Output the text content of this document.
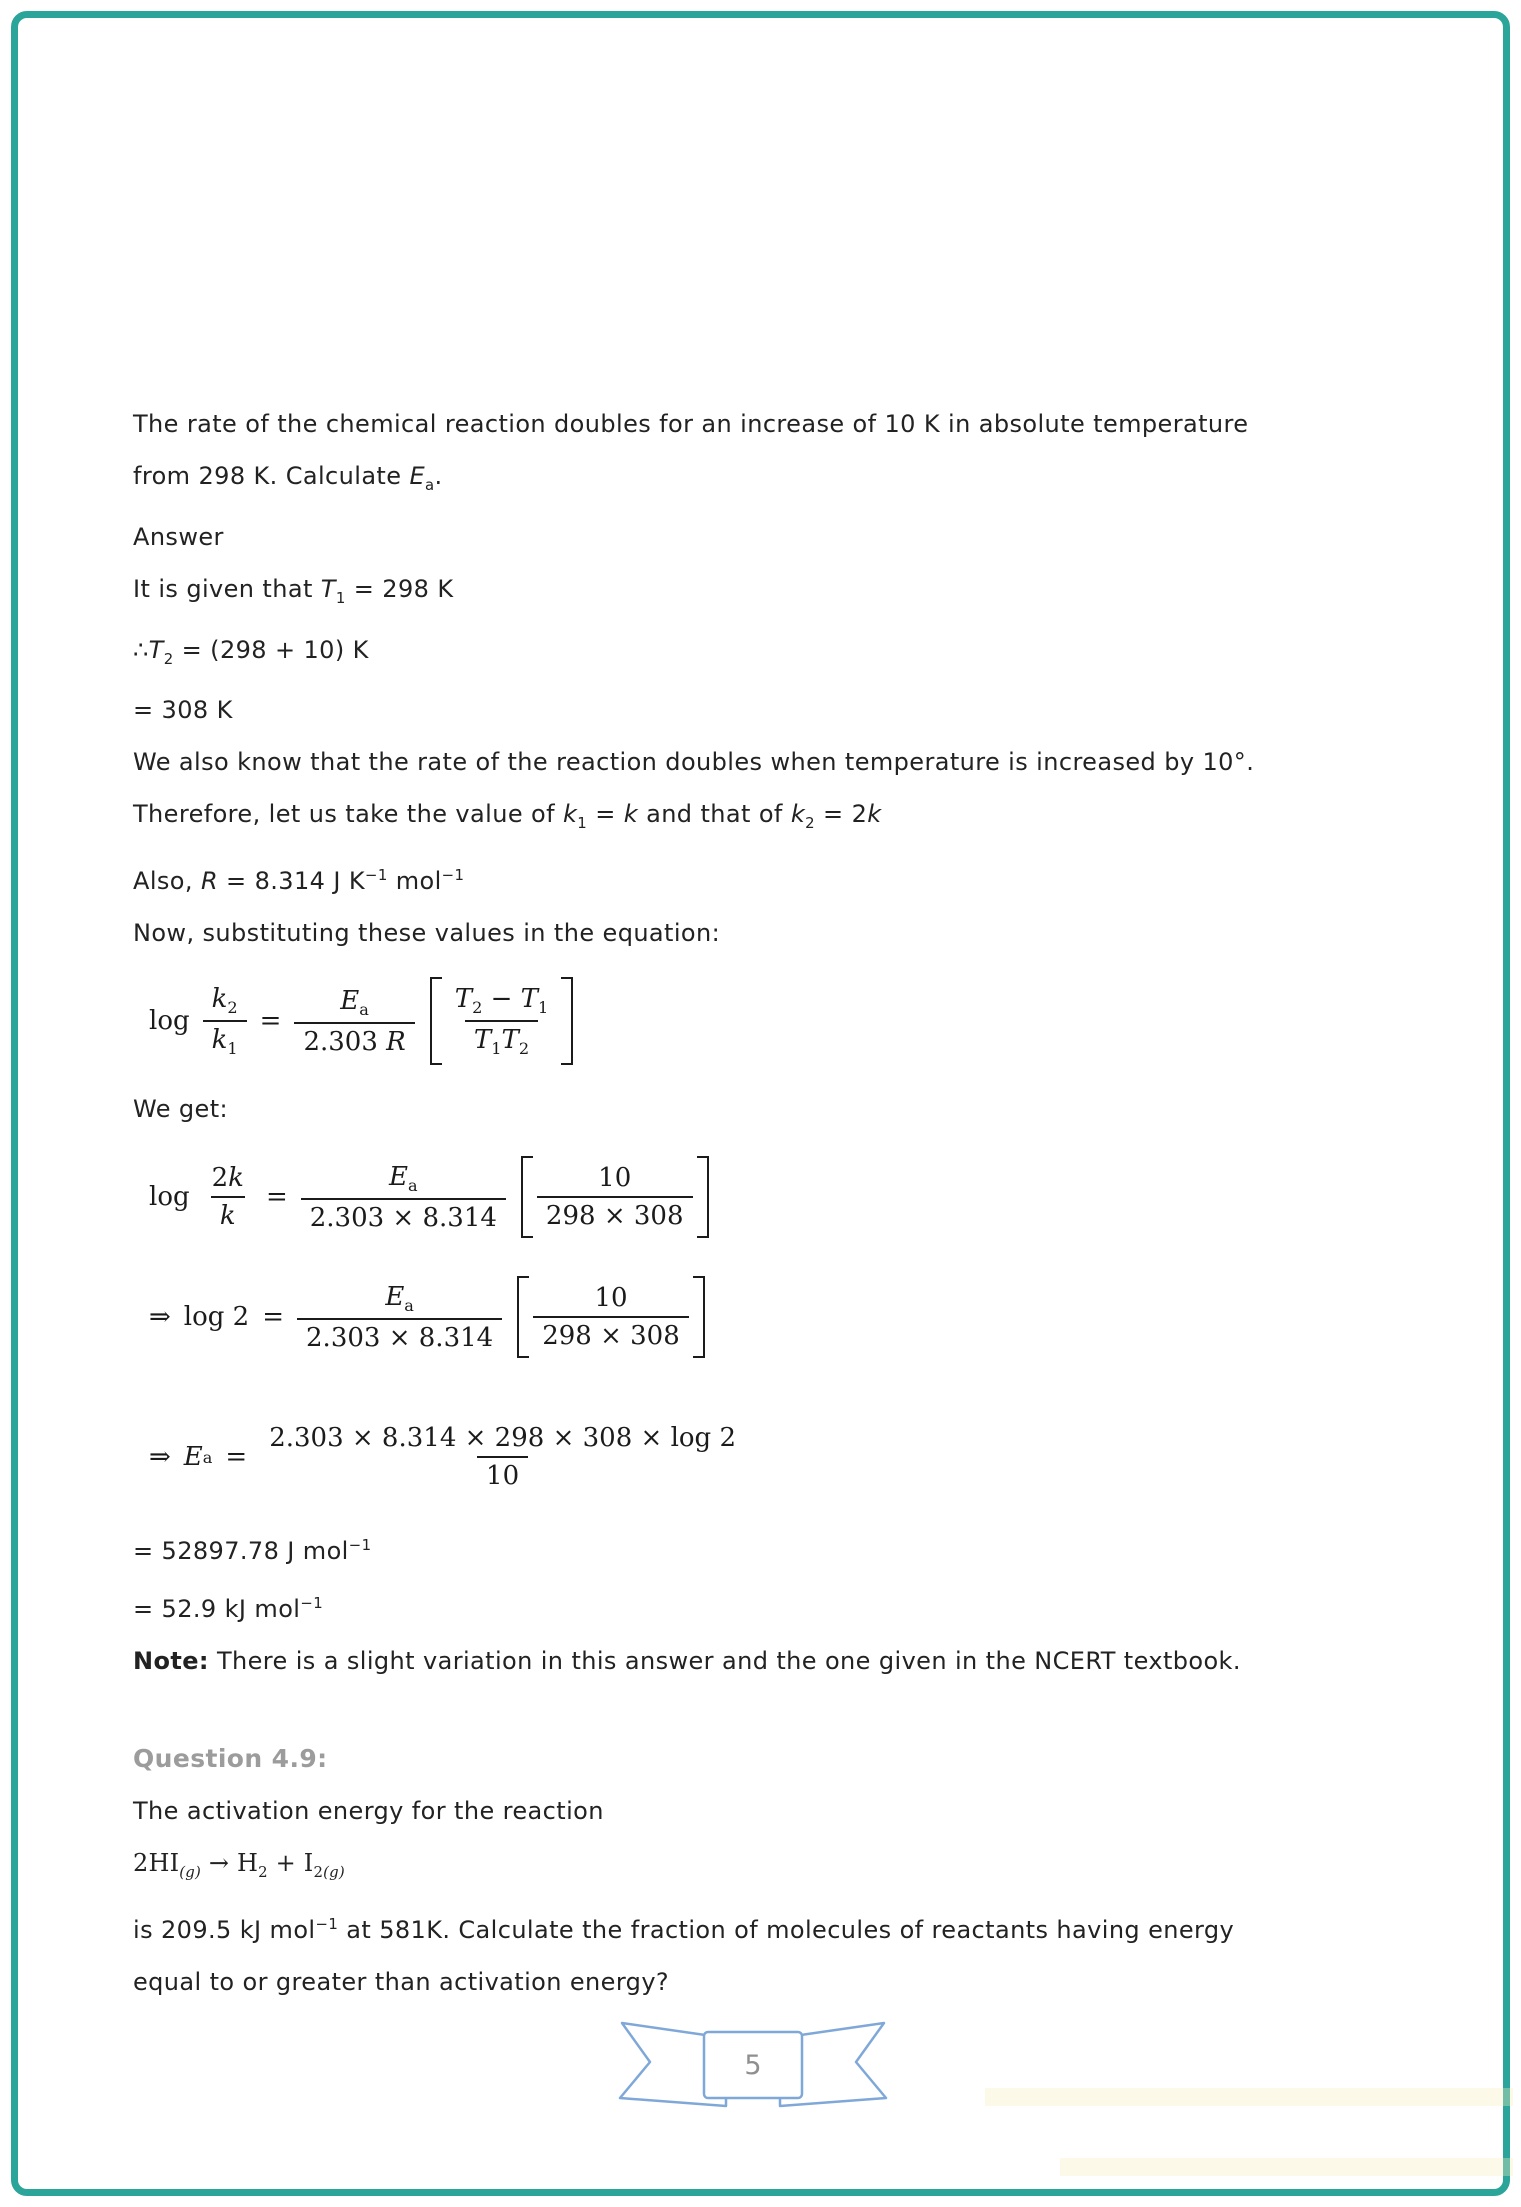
The rate of the chemical reaction doubles for an increase of 10 K in absolute temperature

from 298 K. Calculate $E_a$.

Answer

It is given that $T_1 = 298$ K

$\therefore T_2 = (298 + 10)$ K

= 308 K

We also know that the rate of the reaction doubles when temperature is increased by 10°.

Therefore, let us take the value of $k_1 = k$ and that of $k_2 = 2k$

Also, R = 8.314 J $K^{-1}$ mol$^{-1}$

Now, substituting these values in the equation:

$\log \frac{k_2}{k_1} = \frac{E_a}{2.303 R} \frac{T_2 - T_1}{T_1T_2}$

We get:

$\log \frac{2k}{k} = \frac{E_a}{2.303 \times 8.314} \frac{10}{298 \times 308}$
⇒ $\log 2 = \frac{E_a}{2.303 \times 8.314} \frac{10}{298 \times 308}$
⇒ E $a = \frac{2.303 \times 8.314 \times 298 \times 308 \times \log 2}{10}$

= 52897.78 J mol$^{-1}$

= 52.9 kJ mol$^{-1}$

Note: There is a slight variation in this answer and the one given in the NCERT textbook.

Question 4.9:

The activation energy for the reaction

$2HI_{(g)} \to H_2 + I_{2(g)}$

is 209.5 kJ mol$^{-1}$ at 581K. Calculate the fraction of molecules of reactants having energy

equal to or greater than activation energy?

5
